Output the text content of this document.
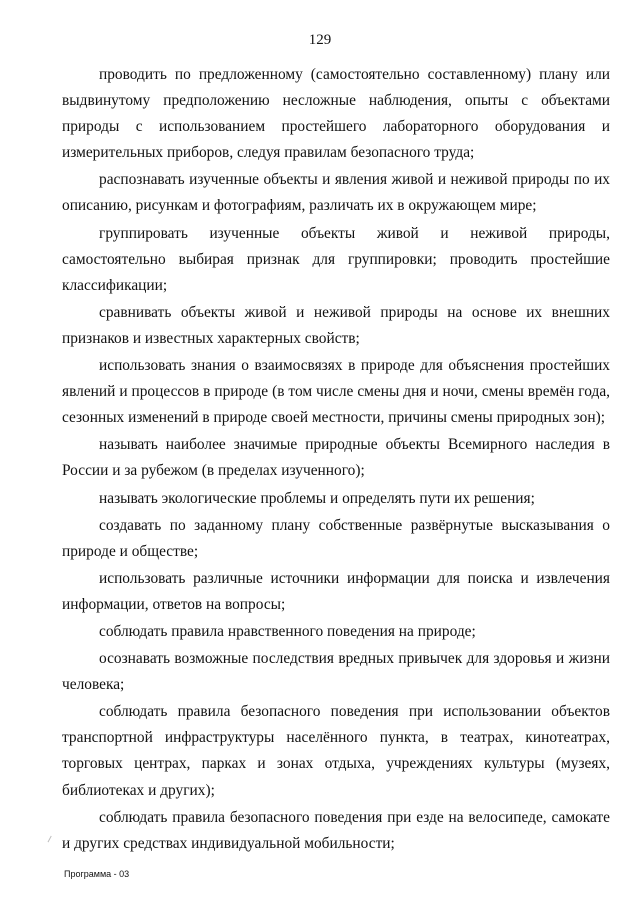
129

проводить по предложенному (самостоятельно составленному) плану или выдвинутому предположению несложные наблюдения, опыты с объектами природы с использованием простейшего лабораторного оборудования и измерительных приборов, следуя правилам безопасного труда;

распознавать изученные объекты и явления живой и неживой природы по их описанию, рисункам и фотографиям, различать их в окружающем мире;

группировать изученные объекты живой и неживой природы, самостоятельно выбирая признак для группировки; проводить простейшие классификации;

сравнивать объекты живой и неживой природы на основе их внешних признаков и известных характерных свойств;

использовать знания о взаимосвязях в природе для объяснения простейших явлений и процессов в природе (в том числе смены дня и ночи, смены времён года, сезонных изменений в природе своей местности, причины смены природных зон);

называть наиболее значимые природные объекты Всемирного наследия в России и за рубежом (в пределах изученного);

называть экологические проблемы и определять пути их решения;

создавать по заданному плану собственные развёрнутые высказывания о природе и обществе;

использовать различные источники информации для поиска и извлечения информации, ответов на вопросы;

соблюдать правила нравственного поведения на природе;

осознавать возможные последствия вредных привычек для здоровья и жизни человека;

соблюдать правила безопасного поведения при использовании объектов транспортной инфраструктуры населённого пункта, в театрах, кинотеатрах, торговых центрах, парках и зонах отдыха, учреждениях культуры (музеях, библиотеках и других);

соблюдать правила безопасного поведения при езде на велосипеде, самокате и других средствах индивидуальной мобильности;

Программа - 03
